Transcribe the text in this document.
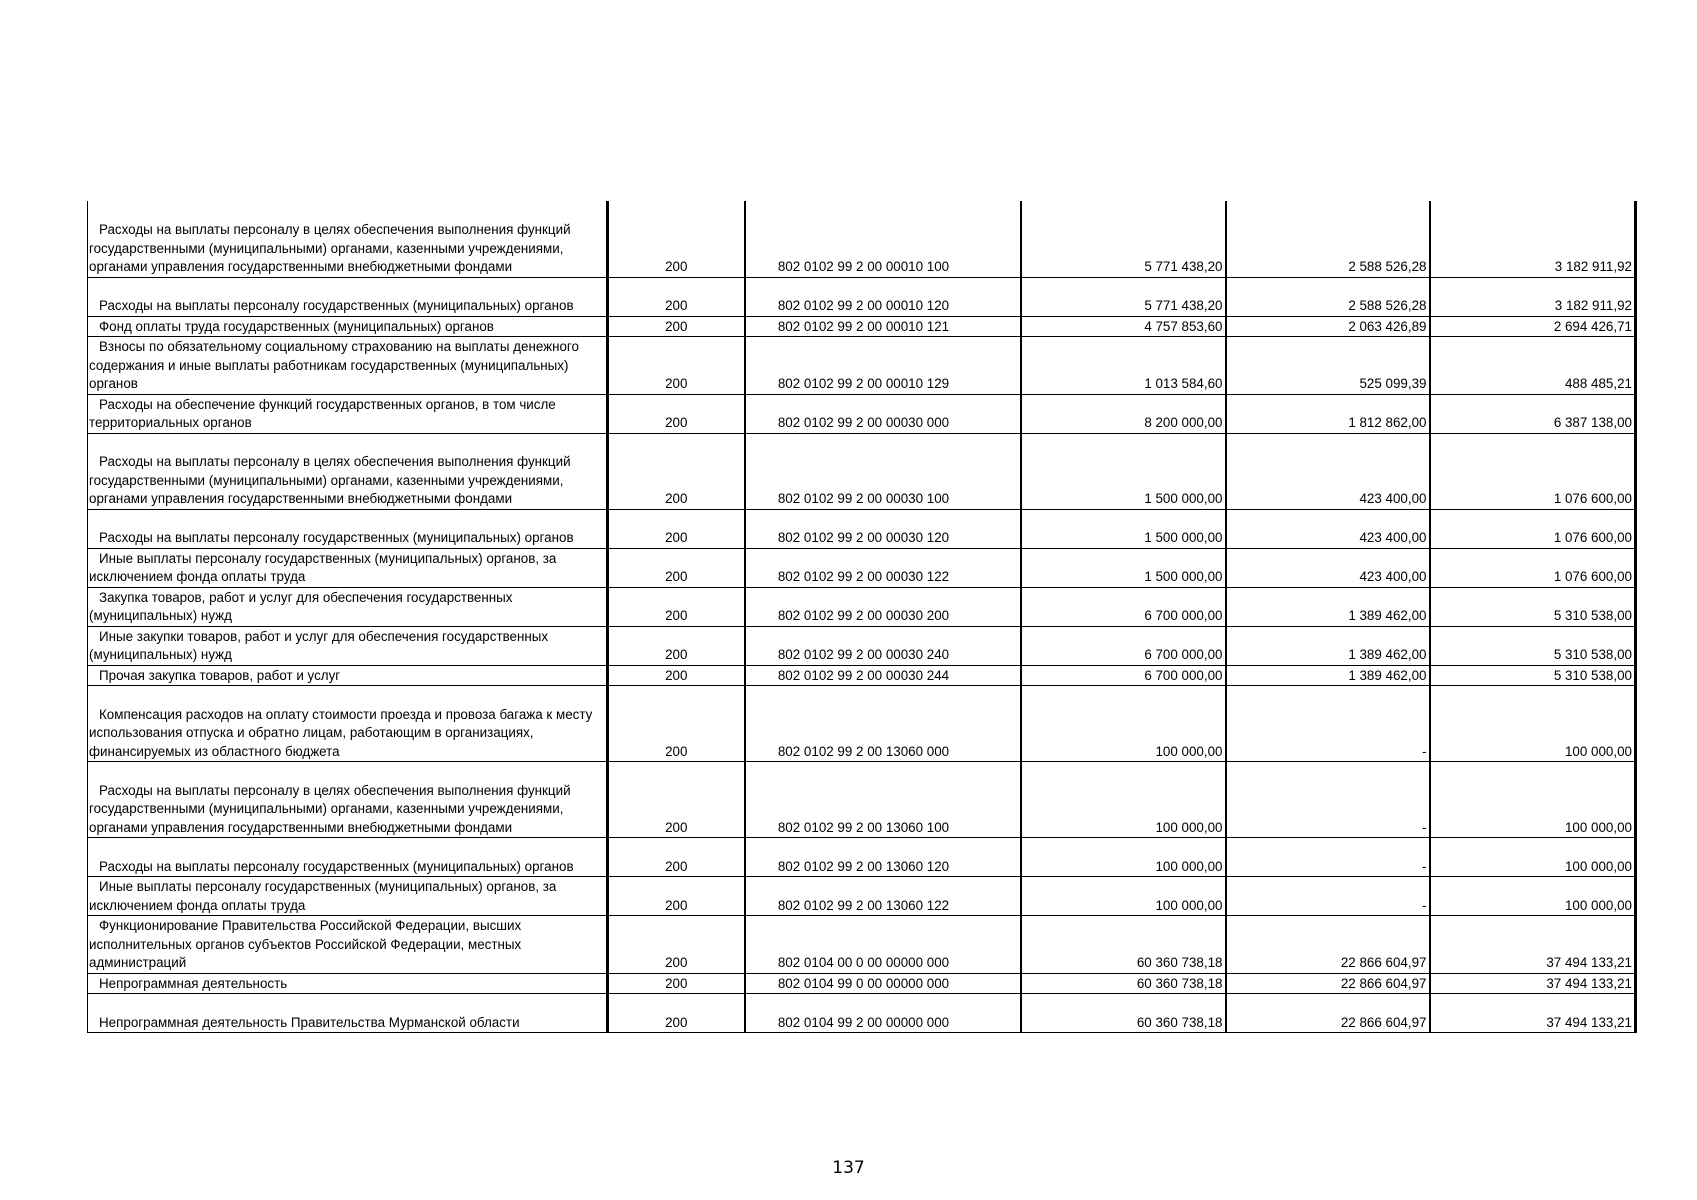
Расходы на выплаты персоналу в целях обеспечения выполнения функций государственными (муниципальными) органами, казенными учреждениями, органами управления государственными внебюджетными фондами	200	802 0102 99 2 00 00010 100	5 771 438,20	2 588 526,28	3 182 911,92

Расходы на выплаты персоналу государственных (муниципальных) органов	200	802 0102 99 2 00 00010 120	5 771 438,20	2 588 526,28	3 182 911,92

Фонд оплаты труда государственных (муниципальных) органов	200	802 0102 99 2 00 00010 121	4 757 853,60	2 063 426,89	2 694 426,71

Взносы по обязательному социальному страхованию на выплаты денежного содержания и иные выплаты работникам государственных (муниципальных) органов	200	802 0102 99 2 00 00010 129	1 013 584,60	525 099,39	488 485,21

Расходы на обеспечение функций государственных органов, в том числе территориальных органов	200	802 0102 99 2 00 00030 000	8 200 000,00	1 812 862,00	6 387 138,00

Расходы на выплаты персоналу в целях обеспечения выполнения функций государственными (муниципальными) органами, казенными учреждениями, органами управления государственными внебюджетными фондами	200	802 0102 99 2 00 00030 100	1 500 000,00	423 400,00	1 076 600,00

Расходы на выплаты персоналу государственных (муниципальных) органов	200	802 0102 99 2 00 00030 120	1 500 000,00	423 400,00	1 076 600,00

Иные выплаты персоналу государственных (муниципальных) органов, за исключением фонда оплаты труда	200	802 0102 99 2 00 00030 122	1 500 000,00	423 400,00	1 076 600,00

Закупка товаров, работ и услуг для обеспечения государственных (муниципальных) нужд	200	802 0102 99 2 00 00030 200	6 700 000,00	1 389 462,00	5 310 538,00

Иные закупки товаров, работ и услуг для обеспечения государственных (муниципальных) нужд	200	802 0102 99 2 00 00030 240	6 700 000,00	1 389 462,00	5 310 538,00

Прочая закупка товаров, работ и услуг	200	802 0102 99 2 00 00030 244	6 700 000,00	1 389 462,00	5 310 538,00

Компенсация расходов на оплату стоимости проезда и провоза багажа к месту использования отпуска и обратно лицам, работающим в организациях, финансируемых из областного бюджета	200	802 0102 99 2 00 13060 000	100 000,00	-	100 000,00

Расходы на выплаты персоналу в целях обеспечения выполнения функций государственными (муниципальными) органами, казенными учреждениями, органами управления государственными внебюджетными фондами	200	802 0102 99 2 00 13060 100	100 000,00	-	100 000,00

Расходы на выплаты персоналу государственных (муниципальных) органов	200	802 0102 99 2 00 13060 120	100 000,00	-	100 000,00

Иные выплаты персоналу государственных (муниципальных) органов, за исключением фонда оплаты труда	200	802 0102 99 2 00 13060 122	100 000,00	-	100 000,00

Функционирование Правительства Российской Федерации, высших исполнительных органов субъектов Российской Федерации, местных администраций	200	802 0104 00 0 00 00000 000	60 360 738,18	22 866 604,97	37 494 133,21

Непрограммная деятельность	200	802 0104 99 0 00 00000 000	60 360 738,18	22 866 604,97	37 494 133,21

Непрограммная деятельность Правительства Мурманской области	200	802 0104 99 2 00 00000 000	60 360 738,18	22 866 604,97	37 494 133,21
137
